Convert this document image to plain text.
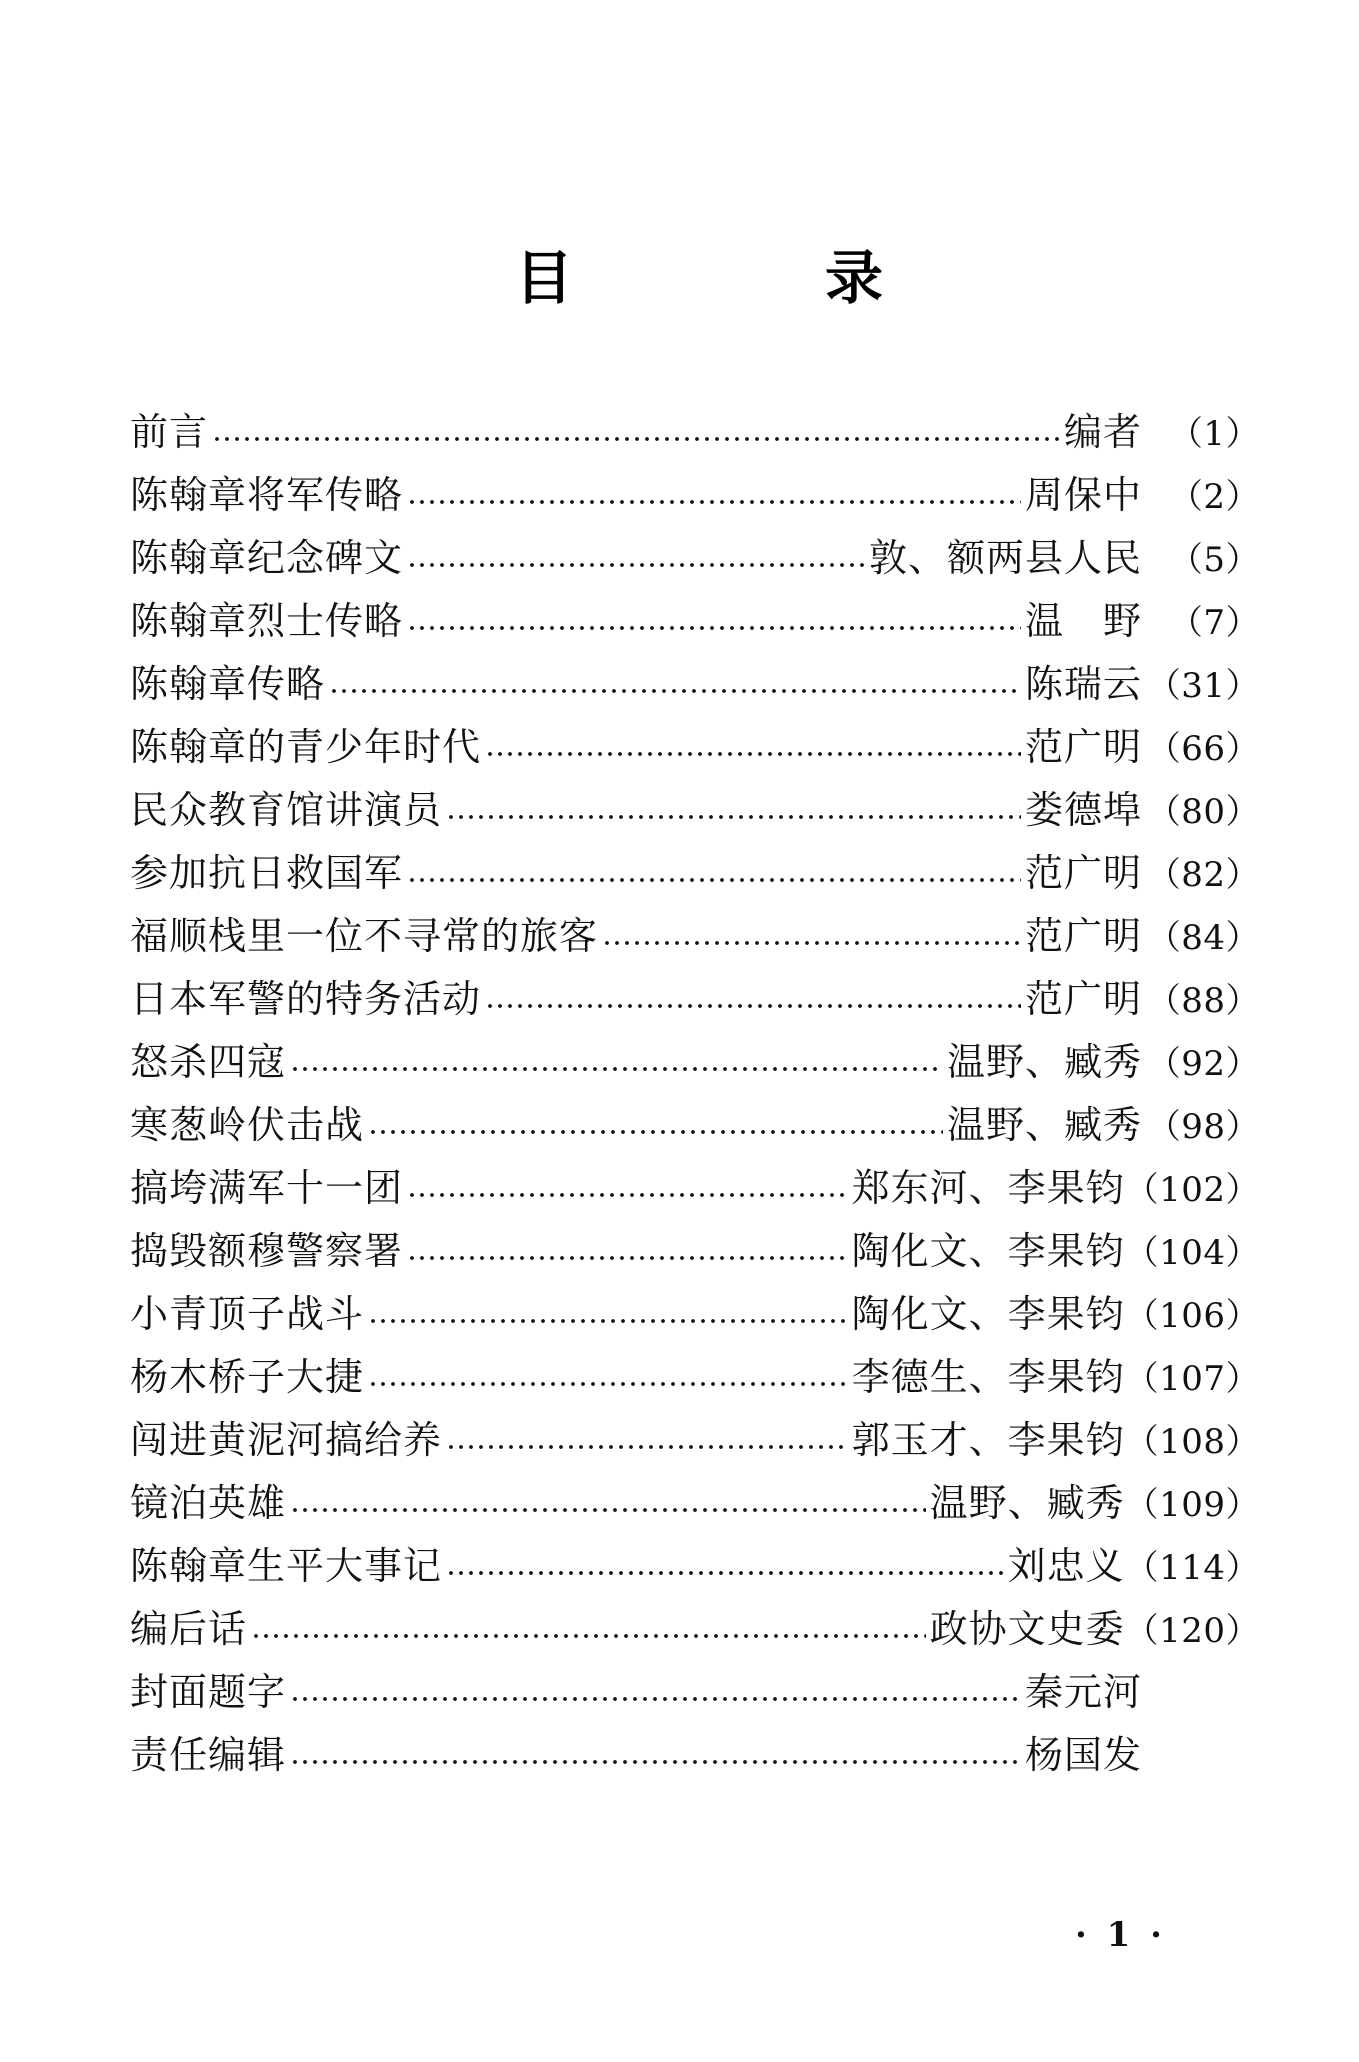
目	录
前言	编者 （1）
陈翰章将军传略	周保中 （2）
陈翰章纪念碑文	敦、额两县人民 （5）
陈翰章烈士传略	温　野 （7）
陈翰章传略	陈瑞云 （31）
陈翰章的青少年时代	范广明 （66）
民众教育馆讲演员	娄德埠 （80）
参加抗日救国军	范广明 （82）
福顺栈里一位不寻常的旅客	范广明 （84）
日本军警的特务活动	范广明 （88）
怒杀四寇	温野、臧秀 （92）
寒葱岭伏击战	温野、臧秀 （98）
搞垮满军十一团	郑东河、李果钧 （102）
捣毁额穆警察署	陶化文、李果钧 （104）
小青顶子战斗	陶化文、李果钧 （106）
杨木桥子大捷	李德生、李果钧 （107）
闯进黄泥河搞给养	郭玉才、李果钧 （108）
镜泊英雄	温野、臧秀 （109）
陈翰章生平大事记	刘忠义 （114）
编后话	政协文史委 （120）
封面题字	秦元河
责任编辑	杨国发
· 1 ·
